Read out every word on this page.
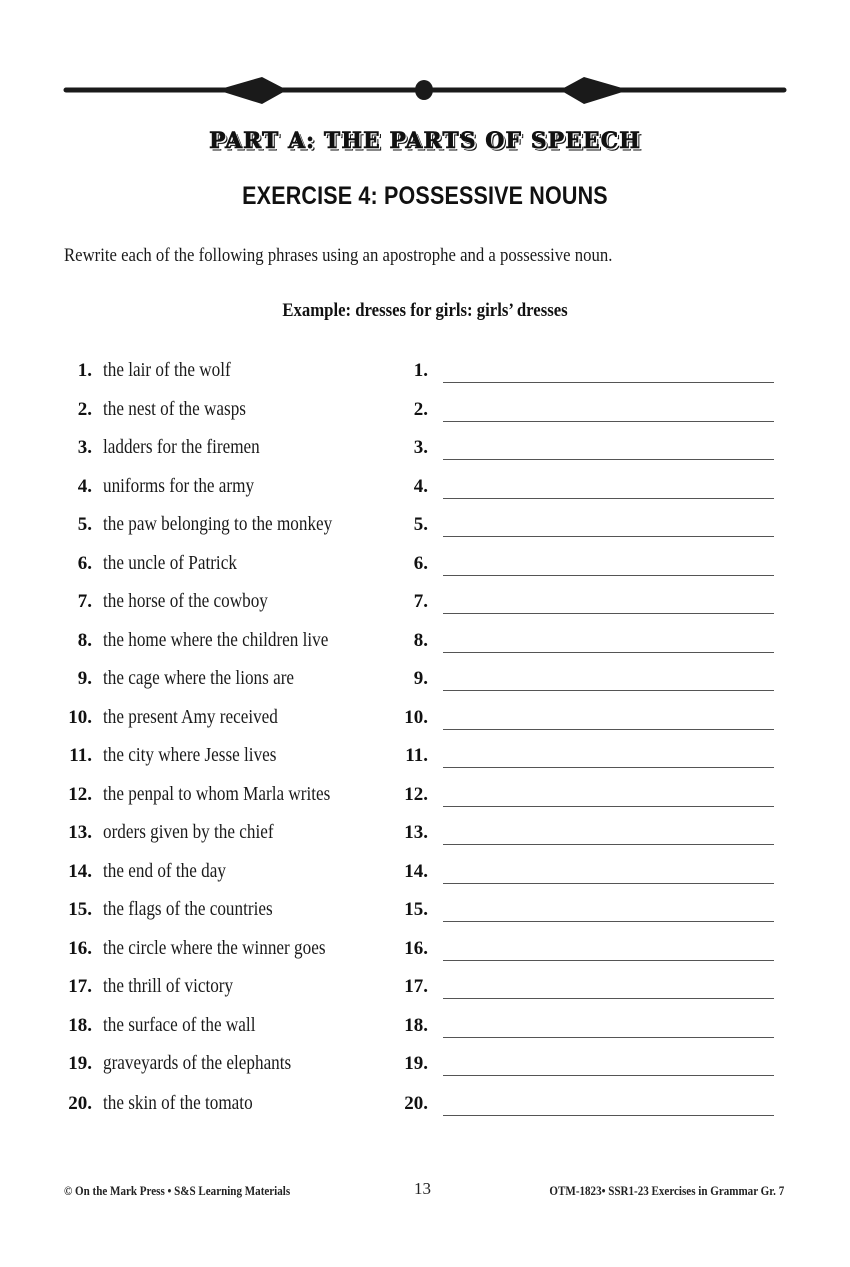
PART A: THE PARTS OF SPEECH
EXERCISE 4: POSSESSIVE NOUNS
Rewrite each of the following phrases using an apostrophe and a possessive noun.
Example: dresses for girls: girls’ dresses
1. the lair of the wolf	1.
2. the nest of the wasps	2.
3. ladders for the firemen	3.
4. uniforms for the army	4.
5. the paw belonging to the monkey	5.
6. the uncle of Patrick	6.
7. the horse of the cowboy	7.
8. the home where the children live	8.
9. the cage where the lions are	9.
10. the present Amy received	10.
11. the city where Jesse lives	11.
12. the penpal to whom Marla writes	12.
13. orders given by the chief	13.
14. the end of the day	14.
15. the flags of the countries	15.
16. the circle where the winner goes	16.
17. the thrill of victory	17.
18. the surface of the wall	18.
19. graveyards of the elephants	19.
20. the skin of the tomato	20.
© On the Mark Press • S&S Learning Materials	13	OTM-1823• SSR1-23 Exercises in Grammar Gr. 7
